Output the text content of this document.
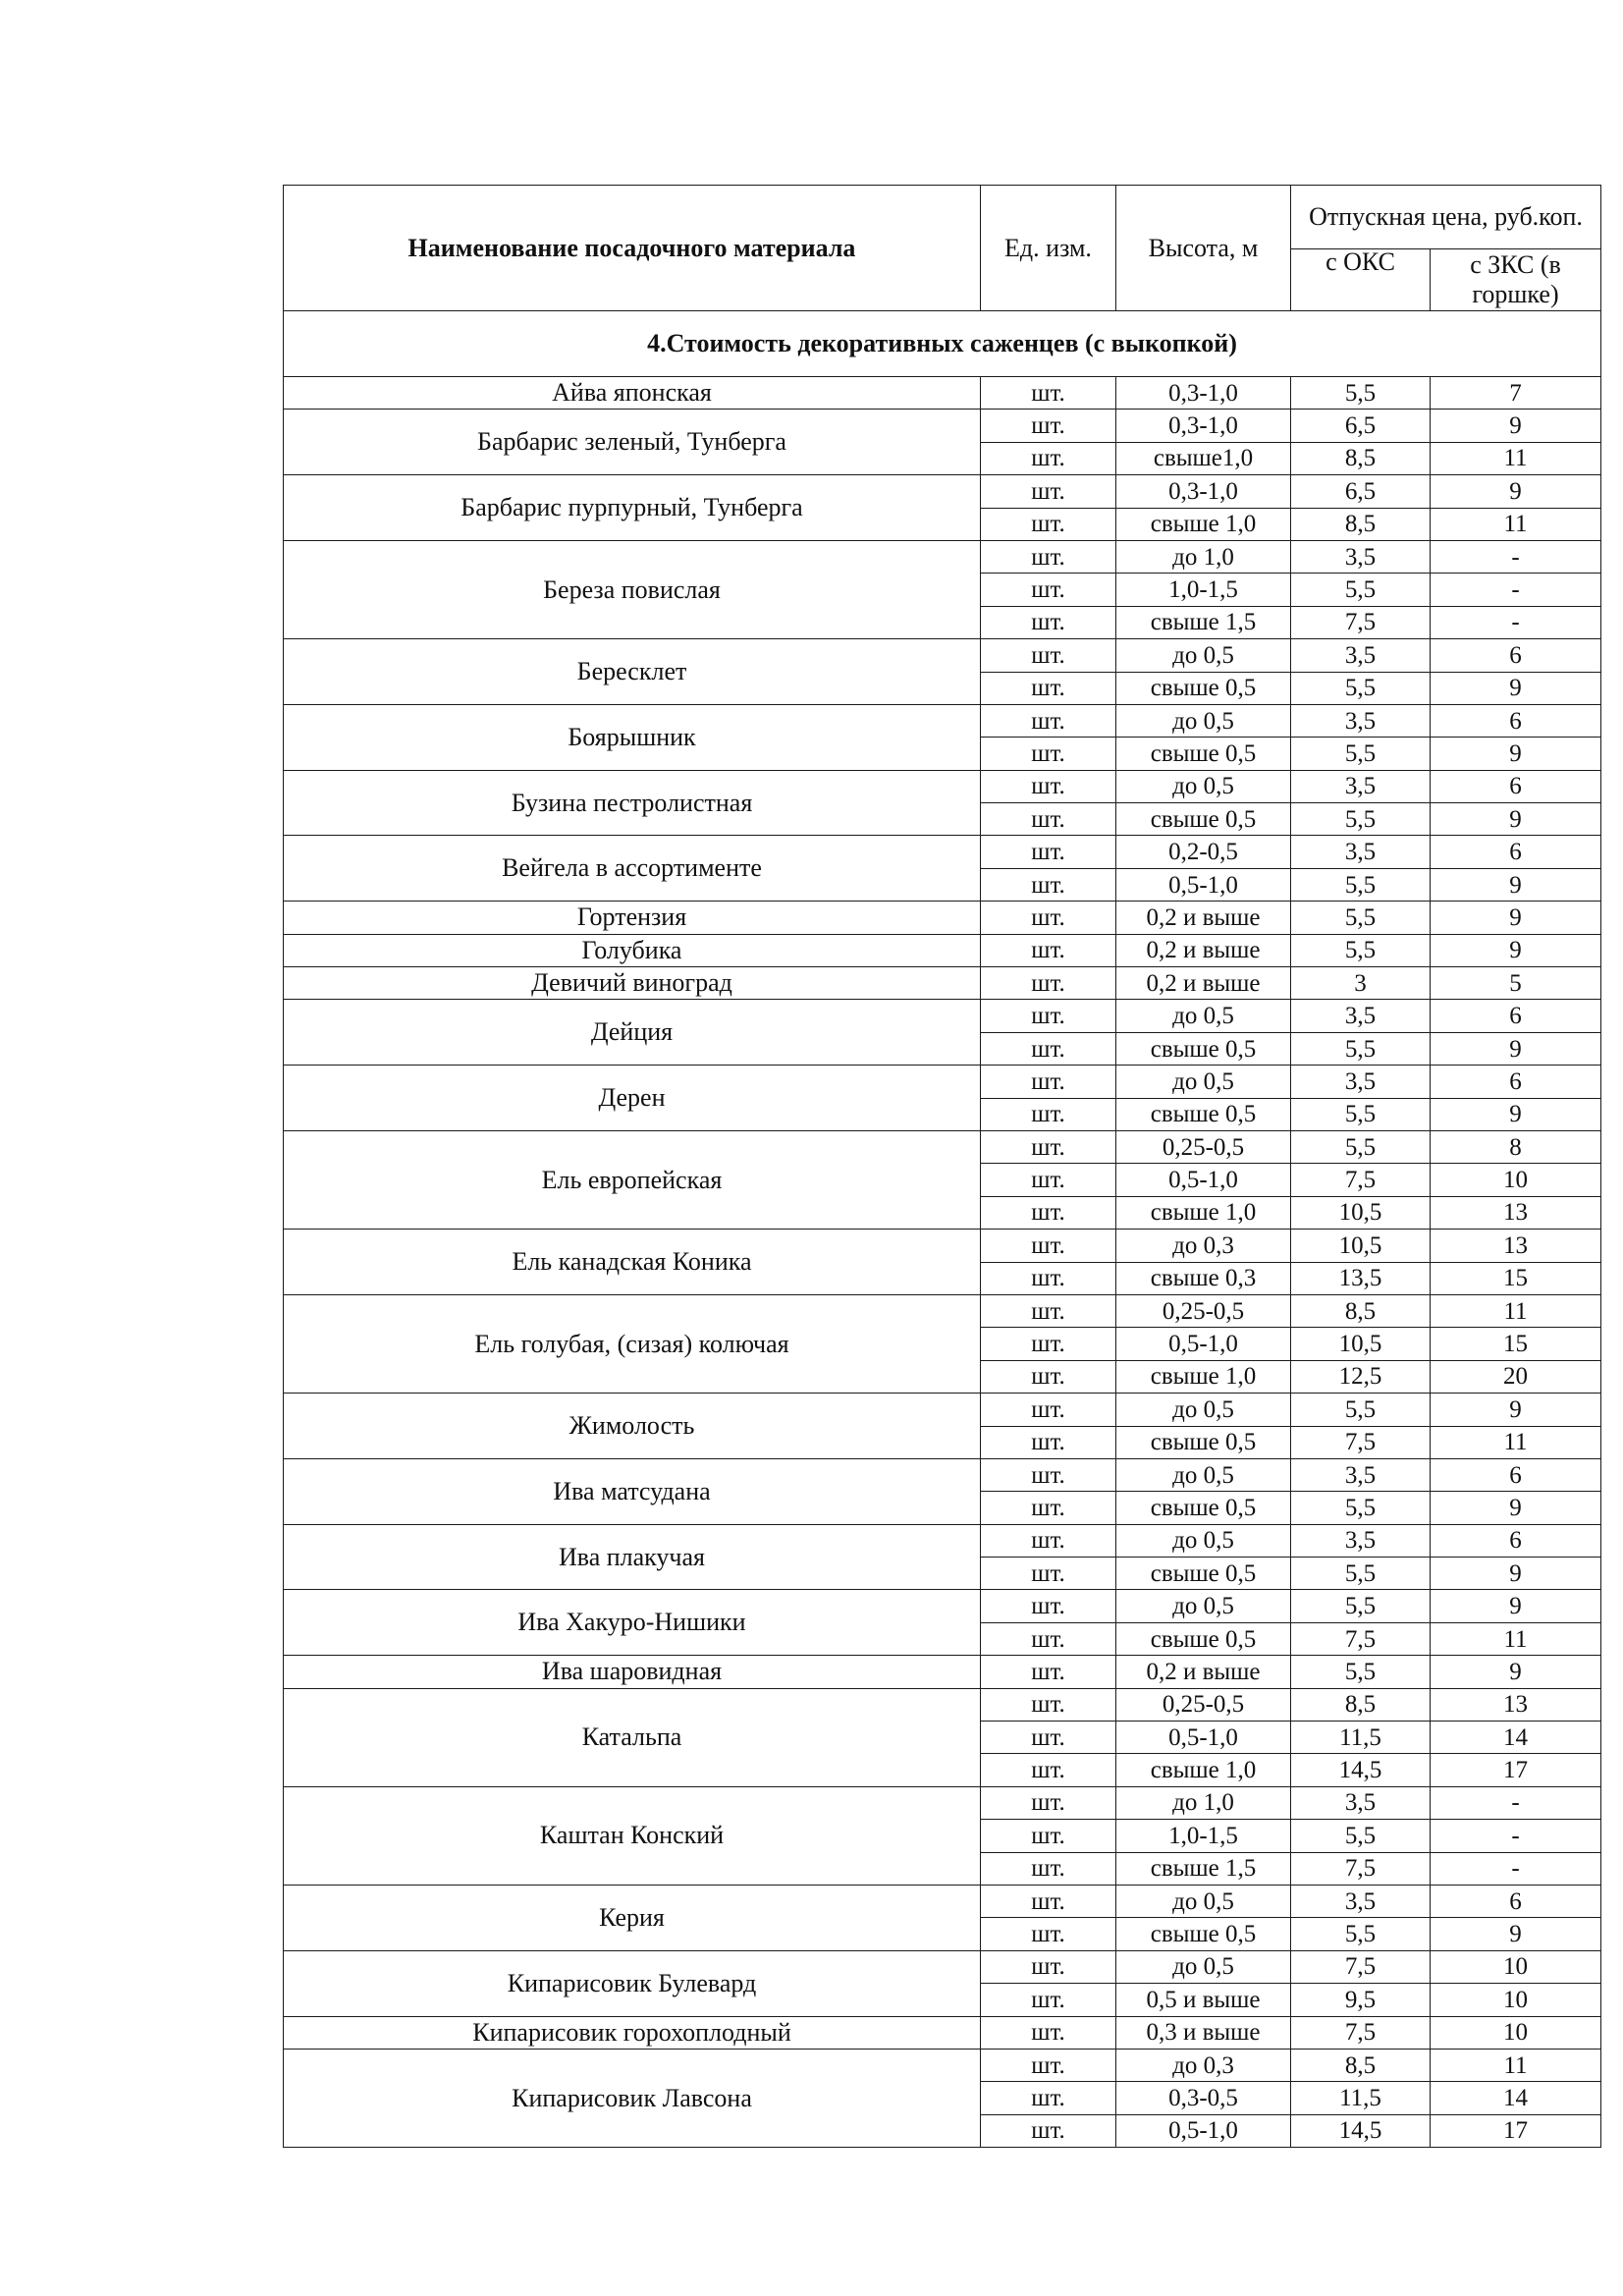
Наименование посадочного материала	Ед. изм.	Высота, м	Отпускная цена, руб.коп.	
			с ОКС	с ЗКС (в горшке)
4.Стоимость декоративных саженцев (с выкопкой)				
Айва японская	шт.	0,3-1,0	5,5	7
Барбарис зеленый, Тунберга	шт.	0,3-1,0	6,5	9
	шт.	свыше1,0	8,5	11
Барбарис пурпурный, Тунберга	шт.	0,3-1,0	6,5	9
	шт.	свыше 1,0	8,5	11
Береза повислая	шт.	до 1,0	3,5	-
	шт.	1,0-1,5	5,5	-
	шт.	свыше 1,5	7,5	-
Бересклет	шт.	до 0,5	3,5	6
	шт.	свыше 0,5	5,5	9
Боярышник	шт.	до 0,5	3,5	6
	шт.	свыше 0,5	5,5	9
Бузина пестролистная	шт.	до 0,5	3,5	6
	шт.	свыше 0,5	5,5	9
Вейгела в ассортименте	шт.	0,2-0,5	3,5	6
	шт.	0,5-1,0	5,5	9
Гортензия	шт.	0,2 и выше	5,5	9
Голубика	шт.	0,2 и выше	5,5	9
Девичий виноград	шт.	0,2 и выше	3	5
Дейция	шт.	до 0,5	3,5	6
	шт.	свыше 0,5	5,5	9
Дерен	шт.	до 0,5	3,5	6
	шт.	свыше 0,5	5,5	9
Ель европейская	шт.	0,25-0,5	5,5	8
	шт.	0,5-1,0	7,5	10
	шт.	свыше 1,0	10,5	13
Ель канадская Коника	шт.	до 0,3	10,5	13
	шт.	свыше 0,3	13,5	15
Ель голубая, (сизая) колючая	шт.	0,25-0,5	8,5	11
	шт.	0,5-1,0	10,5	15
	шт.	свыше 1,0	12,5	20
Жимолость	шт.	до 0,5	5,5	9
	шт.	свыше 0,5	7,5	11
Ива матсудана	шт.	до 0,5	3,5	6
	шт.	свыше 0,5	5,5	9
Ива плакучая	шт.	до 0,5	3,5	6
	шт.	свыше 0,5	5,5	9
Ива Хакуро-Нишики	шт.	до 0,5	5,5	9
	шт.	свыше 0,5	7,5	11
Ива шаровидная	шт.	0,2 и выше	5,5	9
Катальпа	шт.	0,25-0,5	8,5	13
	шт.	0,5-1,0	11,5	14
	шт.	свыше 1,0	14,5	17
Каштан Конский	шт.	до 1,0	3,5	-
	шт.	1,0-1,5	5,5	-
	шт.	свыше 1,5	7,5	-
Керия	шт.	до 0,5	3,5	6
	шт.	свыше 0,5	5,5	9
Кипарисовик Булевард	шт.	до 0,5	7,5	10
	шт.	0,5 и выше	9,5	10
Кипарисовик горохоплодный	шт.	0,3 и выше	7,5	10
Кипарисовик Лавсона	шт.	до 0,3	8,5	11
	шт.	0,3-0,5	11,5	14
	шт.	0,5-1,0	14,5	17
